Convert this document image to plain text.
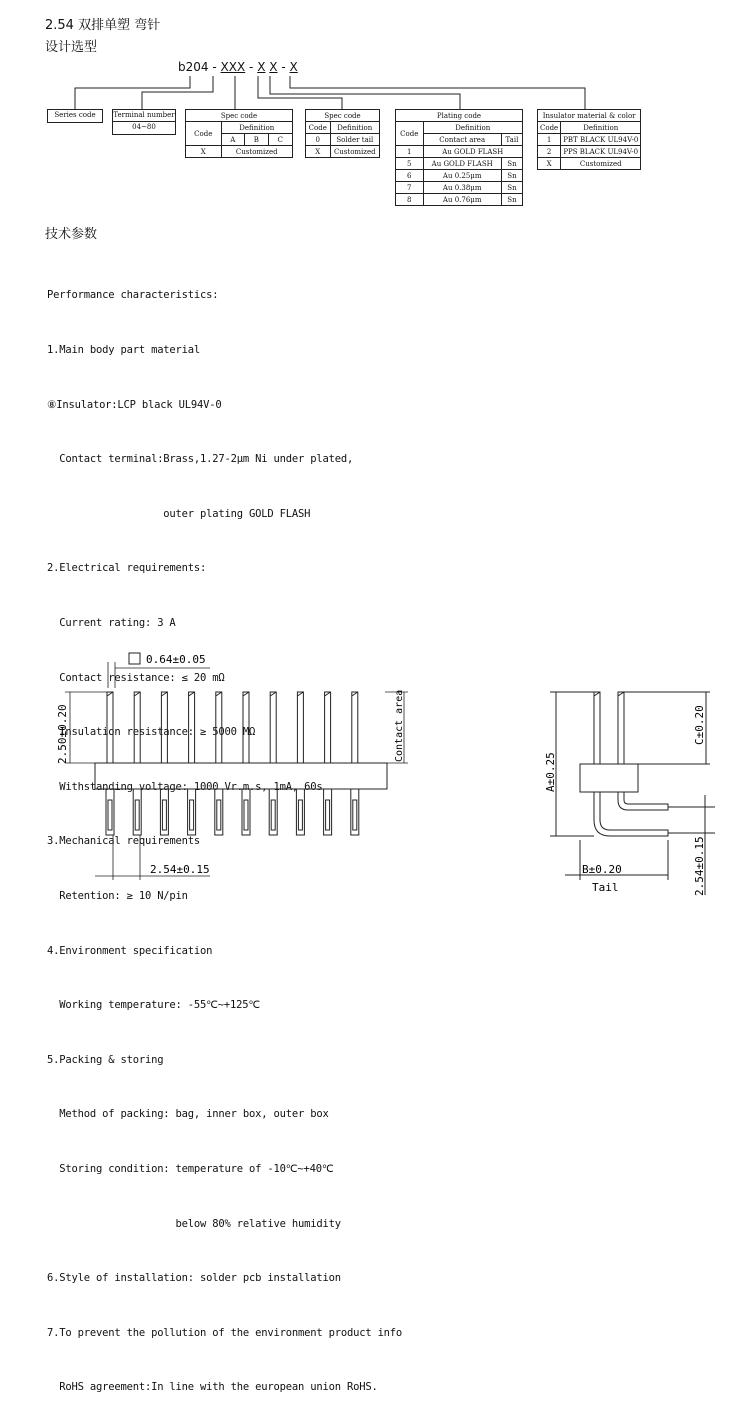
2.54 双排单塑 弯针
设计选型
b204 - XXX - X X - X
Series code	Terminal number
04~80
Spec code			
Code	Definition		
	A	B	C
X	Customized		
Spec code	
Code	Definition
0	Solder tail
X	Customized
Plating code		
Code	Definition	
	Contact area	Tail
1	Au GOLD FLASH	
5	Au GOLD FLASH	Sn
6	Au 0.25μm	Sn
7	Au 0.38μm	Sn
8	Au 0.76μm	Sn
Insulator material & color	
Code	Definition
1	PBT BLACK UL94V-0
2	PPS BLACK UL94V-0
X	Customized
技术参数

Performance characteristics:

1.Main body part material

⑧Insulator:LCP black UL94V-0

Contact terminal:Brass,1.27-2μm Ni under plated,

outer plating GOLD FLASH

2.Electrical requirements:

Current rating: 3 A

Contact resistance: ≤ 20 mΩ

Insulation resistance: ≥ 5000 MΩ

Withstanding voltage: 1000 Vr.m.s, 1mA, 60s

3.Mechanical requirements

Retention: ≥ 10 N/pin

4.Environment specification

Working temperature: -55℃~+125℃

5.Packing & storing

Method of packing: bag, inner box, outer box

Storing condition: temperature of -10℃~+40℃

below 80% relative humidity

6.Style of installation: solder pcb installation

7.To prevent the pollution of the environment product info

RoHS agreement:In line with the european union RoHS.

0.64±0.05
2.50±0.20	Contact area
2.54±0.15
A±0.25
C±0.20
B±0.20
Tail	2.54±0.15
